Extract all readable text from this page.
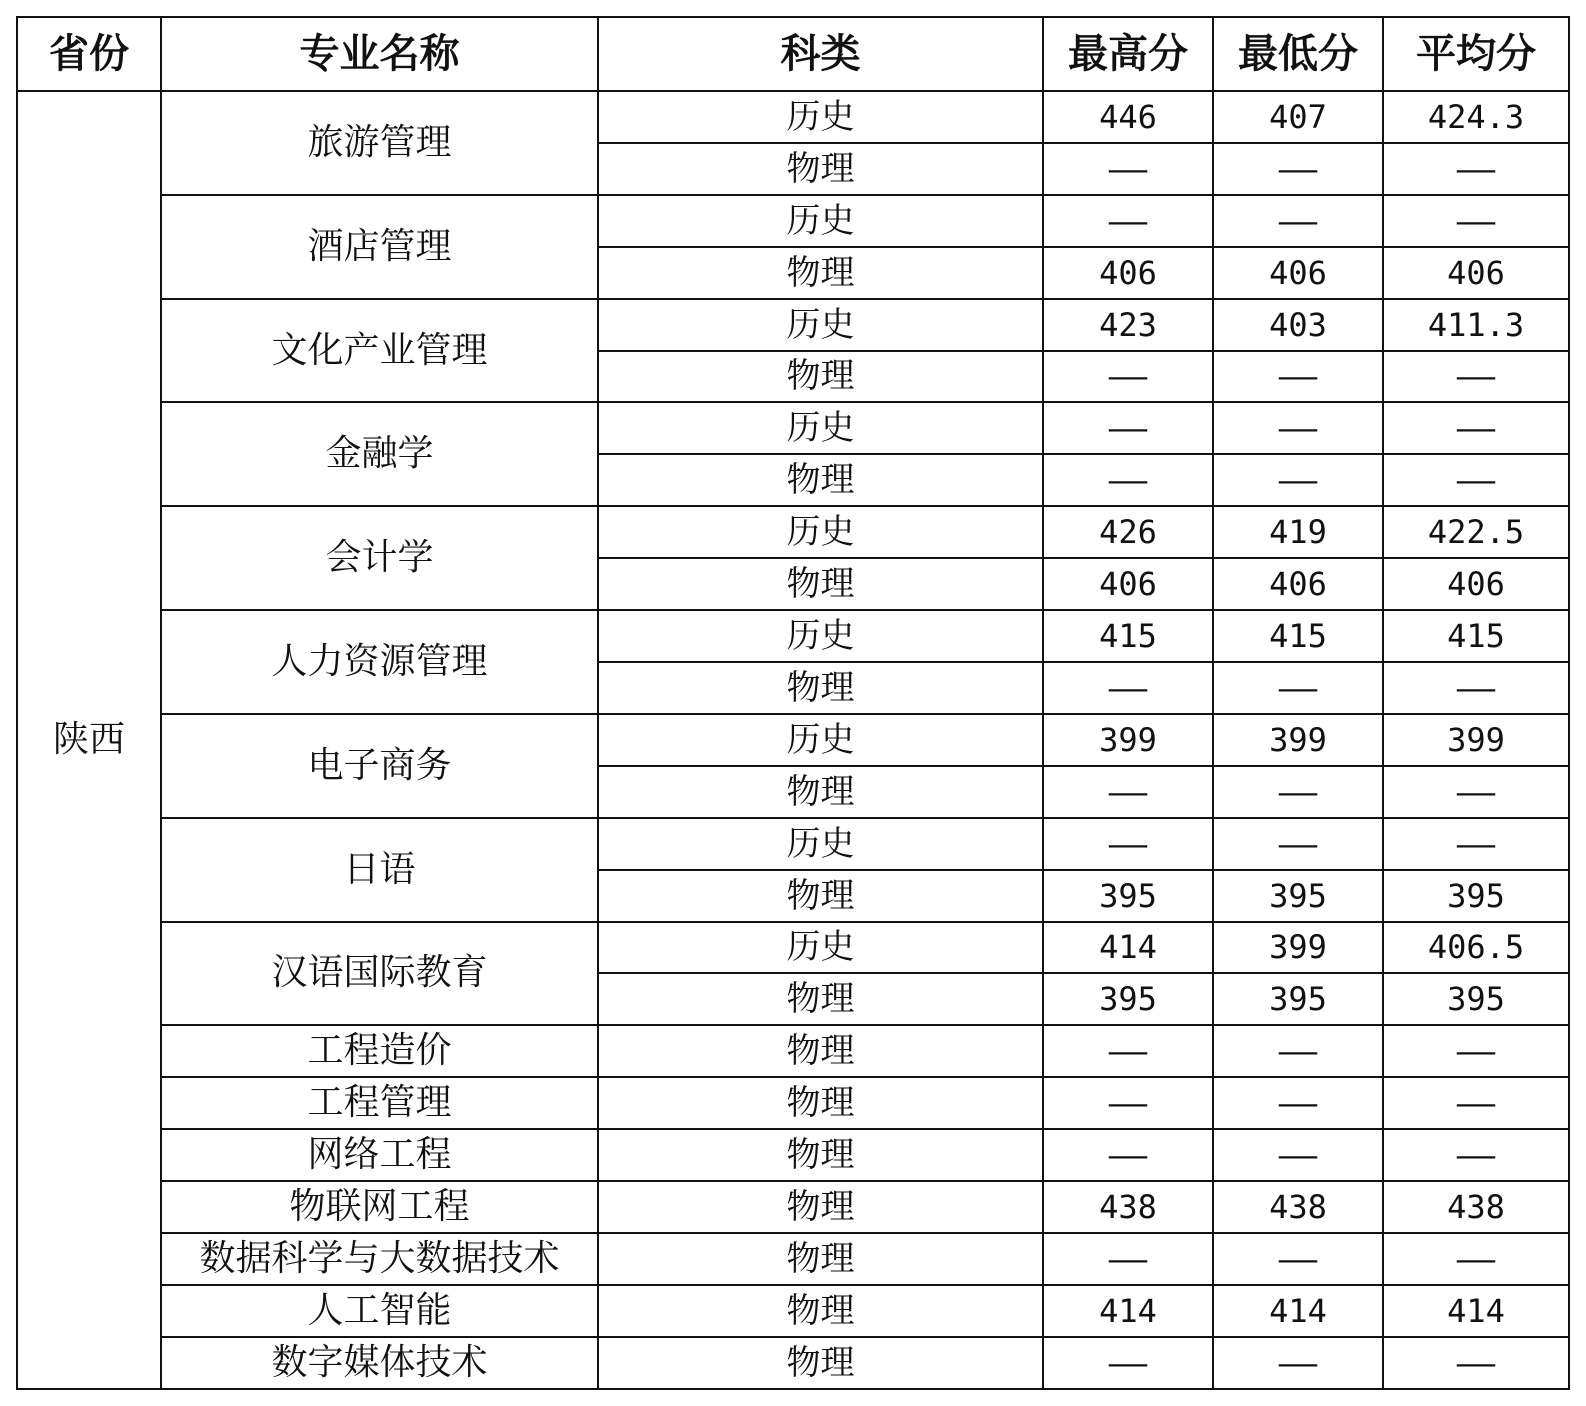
省份	专业名称	科类	最高分	最低分	平均分
陕西	旅游管理	历史	446	407	424.3
		物理	——	——	——
	酒店管理	历史	——	——	——
		物理	406	406	406
	文化产业管理	历史	423	403	411.3
		物理	——	——	——
	金融学	历史	——	——	——
		物理	——	——	——
	会计学	历史	426	419	422.5
		物理	406	406	406
	人力资源管理	历史	415	415	415
		物理	——	——	——
	电子商务	历史	399	399	399
		物理	——	——	——
	日语	历史	——	——	——
		物理	395	395	395
	汉语国际教育	历史	414	399	406.5
		物理	395	395	395
	工程造价	物理	——	——	——
	工程管理	物理	——	——	——
	网络工程	物理	——	——	——
	物联网工程	物理	438	438	438
	数据科学与大数据技术	物理	——	——	——
	人工智能	物理	414	414	414
	数字媒体技术	物理	——	——	——
